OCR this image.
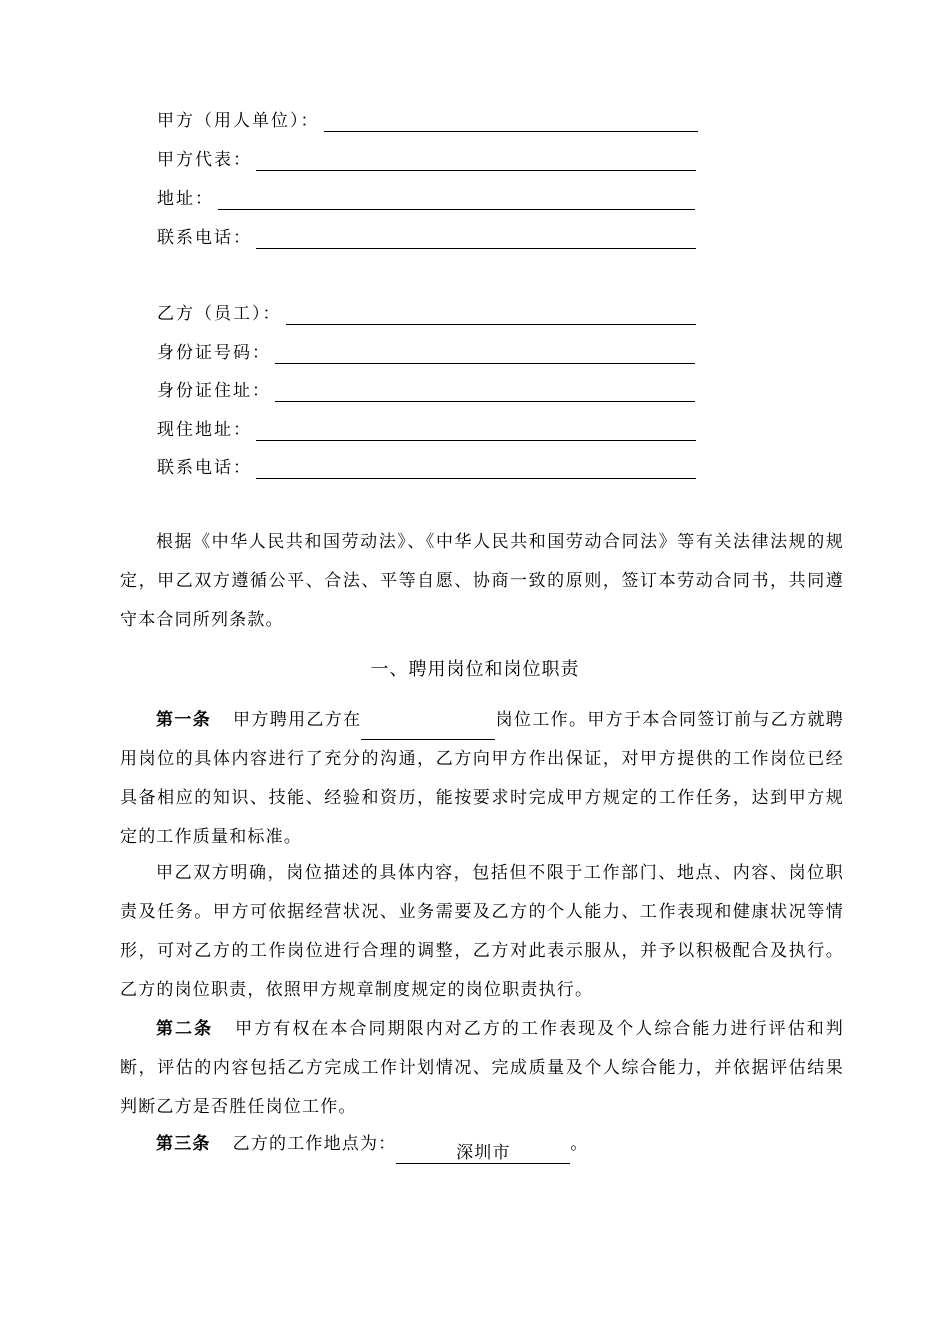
甲方（用人单位）：
甲方代表：
地址：
联系电话：
乙方（员工）：
身份证号码：
身份证住址：
现住地址：
联系电话：
根据《中华人民共和国劳动法》、《中华人民共和国劳动合同法》等有关法律法规的规定，甲乙双方遵循公平、合法、平等自愿、协商一致的原则，签订本劳动合同书，共同遵守本合同所列条款。
一、聘用岗位和岗位职责
第一条 甲方聘用乙方在	岗位工作。甲方于本合同签订前与乙方就聘用岗位的具体内容进行了充分的沟通，乙方向甲方作出保证，对甲方提供的工作岗位已经具备相应的知识、技能、经验和资历，能按要求时完成甲方规定的工作任务，达到甲方规定的工作质量和标准。
甲乙双方明确，岗位描述的具体内容，包括但不限于工作部门、地点、内容、岗位职责及任务。甲方可依据经营状况、业务需要及乙方的个人能力、工作表现和健康状况等情形，可对乙方的工作岗位进行合理的调整，乙方对此表示服从，并予以积极配合及执行。乙方的岗位职责，依照甲方规章制度规定的岗位职责执行。
第二条 甲方有权在本合同期限内对乙方的工作表现及个人综合能力进行评估和判断，评估的内容包括乙方完成工作计划情况、完成质量及个人综合能力，并依据评估结果判断乙方是否胜任岗位工作。
第三条 乙方的工作地点为：	深圳市	。
